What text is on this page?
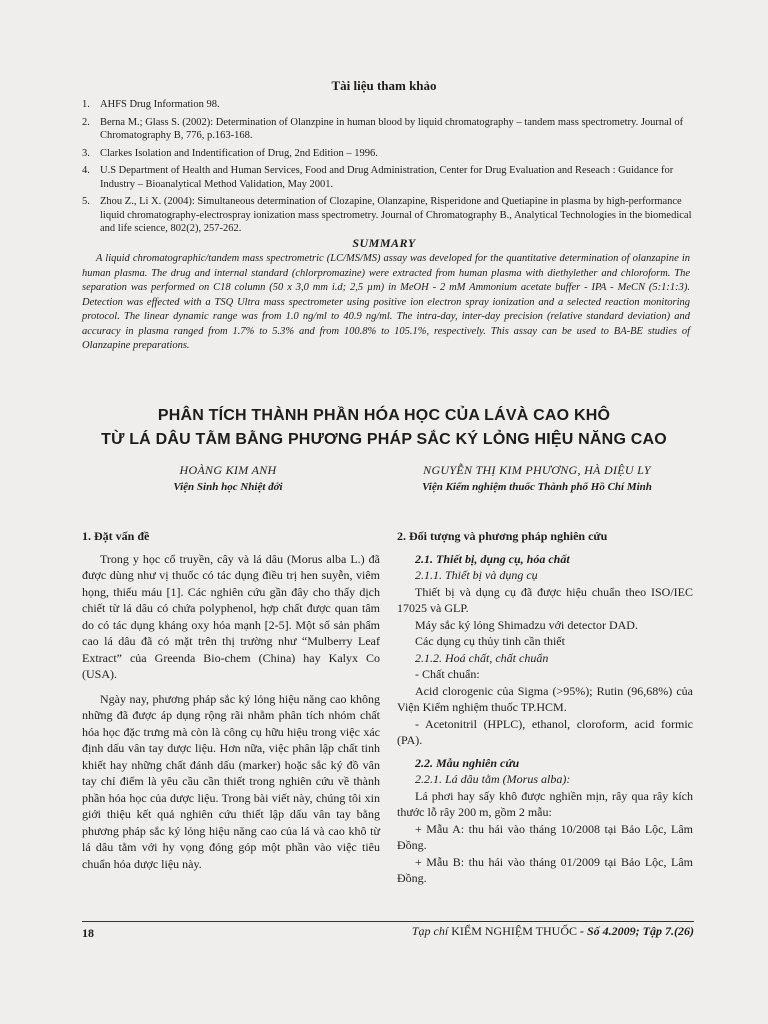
Tài liệu tham khảo
1. AHFS Drug Information 98.
2. Berna M.; Glass S. (2002): Determination of Olanzpine in human blood by liquid chromatography – tandem mass spectrometry. Journal of Chromatography B, 776, p.163-168.
3. Clarkes Isolation and Indentification of Drug, 2nd Edition – 1996.
4. U.S Department of Health and Human Services, Food and Drug Administration, Center for Drug Evaluation and Reseach : Guidance for Industry – Bioanalytical Method Validation, May 2001.
5. Zhou Z., Li X. (2004): Simultaneous determination of Clozapine, Olanzapine, Risperidone and Quetiapine in plasma by high-performance liquid chromatography-electrospray ionization mass spectrometry. Journal of Chromatography B., Analytical Technologies in the biomedical and life science, 802(2), 257-262.
SUMMARY

A liquid chromatographic/tandem mass spectrometric (LC/MS/MS) assay was developed for the quantitative determination of olanzapine in human plasma. The drug and internal standard (chlorpromazine) were extracted from human plasma with diethylether and chloroform. The separation was performed on C18 column (50 x 3,0 mm i.d; 2,5 µm) in MeOH - 2 mM Ammonium acetate buffer - IPA - MeCN (5:1:1:3). Detection was effected with a TSQ Ultra mass spectrometer using positive ion electron spray ionization and a selected reaction monitoring protocol. The linear dynamic range was from 1.0 ng/ml to 40.9 ng/ml. The intra-day, inter-day precision (relative standard deviation) and accuracy in plasma ranged from 1.7% to 5.3% and from 100.8% to 105.1%, respectively. This assay can be used to BA-BE studies of Olanzapine preparations.

PHÂN TÍCH THÀNH PHẦN HÓA HỌC CỦA LÁVÀ CAO KHÔ
TỪ LÁ DÂU TẰM BẰNG PHƯƠNG PHÁP SẮC KÝ LỎNG HIỆU NĂNG CAO
HOÀNG KIM ANH
Viện Sinh học Nhiệt đới
NGUYỄN THỊ KIM PHƯƠNG, HÀ DIỆU LY
Viện Kiểm nghiệm thuốc Thành phố Hồ Chí Minh
1. Đặt vấn đề

Trong y học cổ truyền, cây và lá dâu (Morus alba L.) đã được dùng như vị thuốc có tác dụng điều trị hen suyễn, viêm họng, thiếu máu [1]. Các nghiên cứu gần đây cho thấy dịch chiết từ lá dâu có chứa polyphenol, hợp chất được quan tâm do có tác dụng kháng oxy hóa mạnh [2-5]. Một số sản phẩm cao lá dâu đã có mặt trên thị trường như “Mulberry Leaf Extract” của Greenda Bio-chem (China) hay Kalyx Co (USA).

Ngày nay, phương pháp sắc ký lỏng hiệu năng cao không những đã được áp dụng rộng rãi nhằm phân tích nhóm chất hóa học đặc trưng mà còn là công cụ hữu hiệu trong việc xác định dấu vân tay dược liệu. Hơn nữa, việc phân lập chất tinh khiết hay những chất đánh dấu (marker) hoặc sắc ký đồ vân tay chỉ điểm là yêu cầu cần thiết trong nghiên cứu về thành phần hóa học của dược liệu. Trong bài viết này, chúng tôi xin giới thiệu kết quả nghiên cứu thiết lập dấu vân tay bằng phương pháp sắc ký lỏng hiệu năng cao của lá và cao khô từ lá dâu tằm với hy vọng đóng góp một phần vào việc tiêu chuẩn hóa dược liệu này.

2. Đối tượng và phương pháp nghiên cứu

2.1. Thiết bị, dụng cụ, hóa chất

2.1.1. Thiết bị và dụng cụ

Thiết bị và dụng cụ đã được hiệu chuẩn theo ISO/IEC 17025 và GLP.

Máy sắc ký lỏng Shimadzu với detector DAD.

Các dụng cụ thủy tinh cần thiết

2.1.2. Hoá chất, chất chuẩn

- Chất chuẩn:

Acid clorogenic của Sigma (>95%); Rutin (96,68%) của Viện Kiểm nghiệm thuốc TP.HCM.

- Acetonitril (HPLC), ethanol, cloroform, acid formic (PA).

2.2. Mẫu nghiên cứu

2.2.1. Lá dâu tằm (Morus alba):

Lá phơi hay sấy khô được nghiền mịn, rây qua rây kích thước lỗ rây 200 m, gồm 2 mẫu:

+ Mẫu A: thu hái vào tháng 10/2008 tại Bảo Lộc, Lâm Đồng.

+ Mẫu B: thu hái vào tháng 01/2009 tại Bảo Lộc, Lâm Đồng.

18	Tạp chí KIỂM NGHIỆM THUỐC - Số 4.2009; Tập 7.(26)
